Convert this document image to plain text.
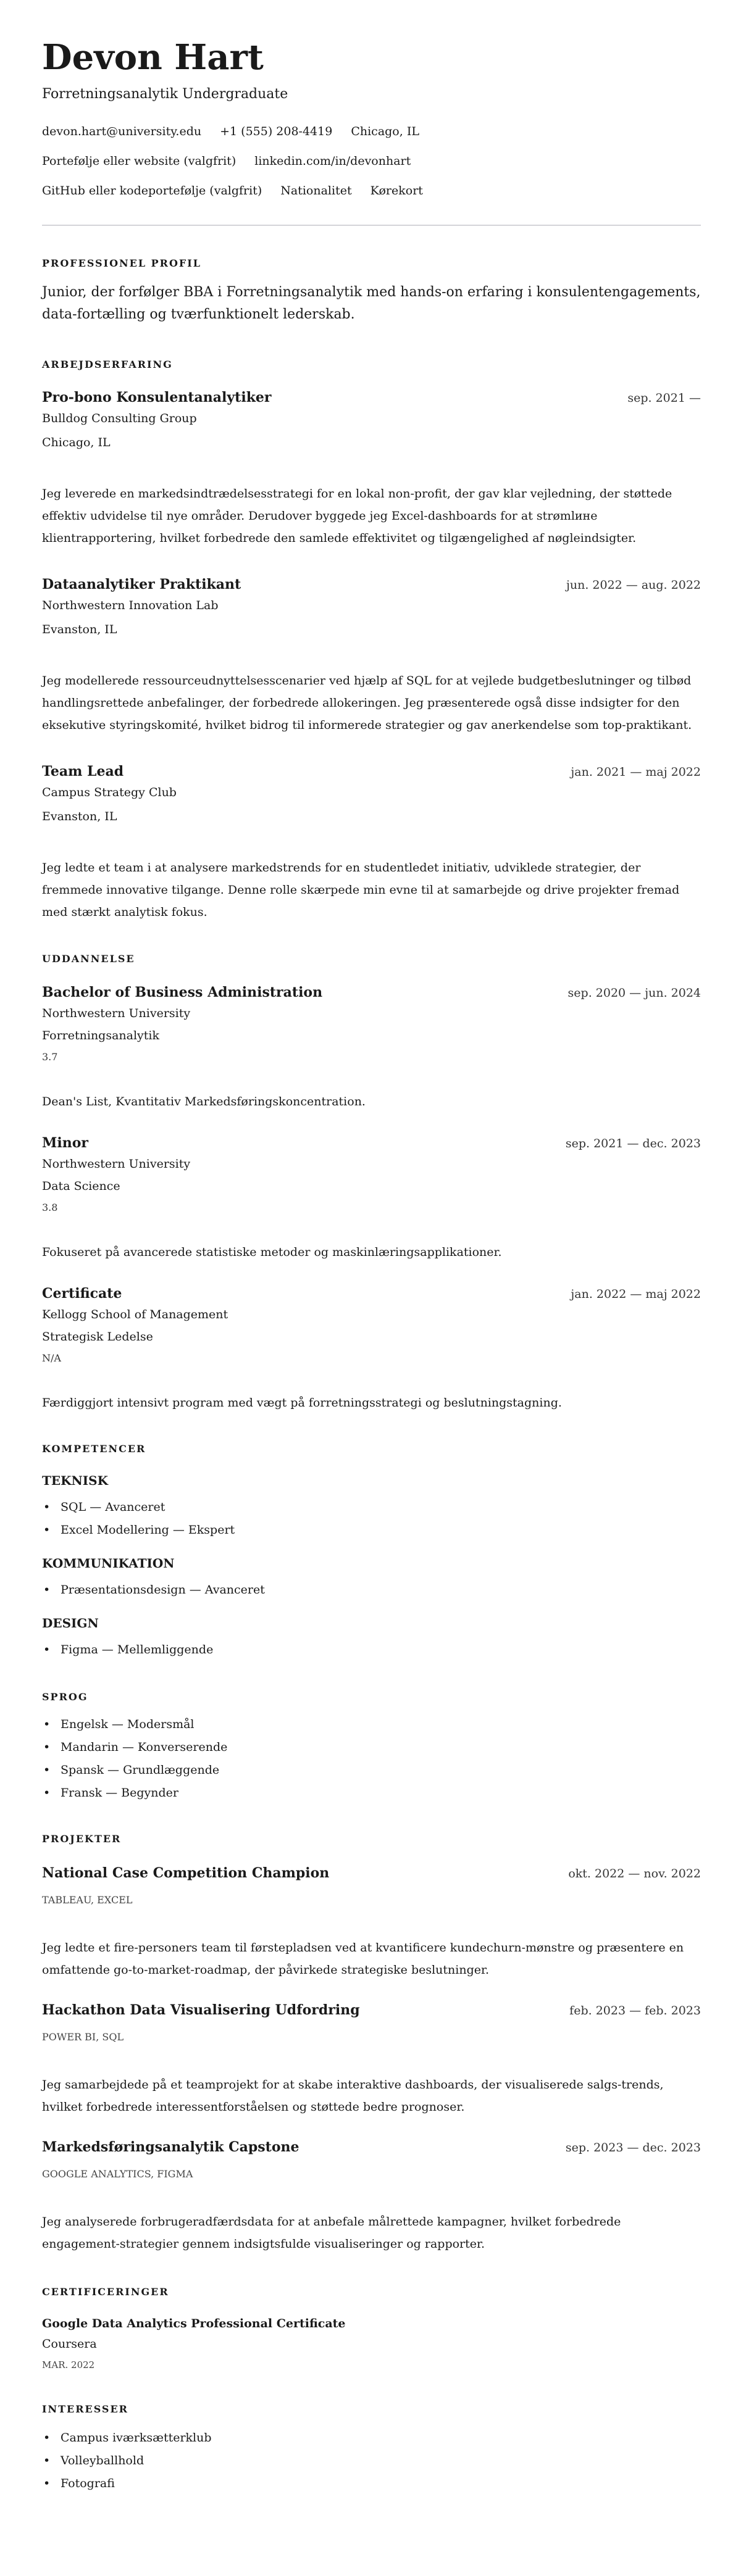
Devon Hart
Forretningsanalytik Undergraduate
devon.hart@university.edu +1 (555) 208-4419 Chicago, IL
Portefølje eller website (valgfrit) linkedin.com/in/devonhart
GitHub eller kodeportefølje (valgfrit) Nationalitet Kørekort
PROFESSIONEL PROFIL
Junior, der forfølger BBA i Forretningsanalytik med hands-on erfaring i konsulentengagements, data-fortælling og tværfunktionelt lederskab.
ARBEJDSERFARING
Pro-bono Konsulentanalytiker	sep. 2021 —
Bulldog Consulting Group
Chicago, IL
Jeg leverede en markedsindtrædelsesstrategi for en lokal non-profit, der gav klar vejledning, der støttede effektiv udvidelse til nye områder. Derudover byggede jeg Excel-dashboards for at strømlинe klientrapportering, hvilket forbedrede den samlede effektivitet og tilgængelighed af nøgleindsigter.
Dataanalytiker Praktikant	jun. 2022 — aug. 2022
Northwestern Innovation Lab
Evanston, IL
Jeg modellerede ressourceudnyttelsesscenarier ved hjælp af SQL for at vejlede budgetbeslutninger og tilbød handlingsrettede anbefalinger, der forbedrede allokeringen. Jeg præsenterede også disse indsigter for den eksekutive styringskomité, hvilket bidrog til informerede strategier og gav anerkendelse som top-praktikant.
Team Lead	jan. 2021 — maj 2022
Campus Strategy Club
Evanston, IL
Jeg ledte et team i at analysere markedstrends for en studentledet initiativ, udviklede strategier, der fremmede innovative tilgange. Denne rolle skærpede min evne til at samarbejde og drive projekter fremad med stærkt analytisk fokus.
UDDANNELSE
Bachelor of Business Administration	sep. 2020 — jun. 2024
Northwestern University
Forretningsanalytik
3.7
Dean's List, Kvantitativ Markedsføringskoncentration.
Minor	sep. 2021 — dec. 2023
Northwestern University
Data Science
3.8
Fokuseret på avancerede statistiske metoder og maskinlæringsapplikationer.
Certificate	jan. 2022 — maj 2022
Kellogg School of Management
Strategisk Ledelse
N/A
Færdiggjort intensivt program med vægt på forretningsstrategi og beslutningstagning.
KOMPETENCER
TEKNISK
• SQL — Avanceret
• Excel Modellering — Ekspert
KOMMUNIKATION
• Præsentationsdesign — Avanceret
DESIGN
• Figma — Mellemliggende
SPROG
• Engelsk — Modersmål
• Mandarin — Konverserende
• Spansk — Grundlæggende
• Fransk — Begynder
PROJEKTER
National Case Competition Champion	okt. 2022 — nov. 2022
TABLEAU, EXCEL
Jeg ledte et fire-personers team til førstepladsen ved at kvantificere kundechurn-mønstre og præsentere en omfattende go-to-market-roadmap, der påvirkede strategiske beslutninger.
Hackathon Data Visualisering Udfordring	feb. 2023 — feb. 2023
POWER BI, SQL
Jeg samarbejdede på et teamprojekt for at skabe interaktive dashboards, der visualiserede salgs-trends, hvilket forbedrede interessentforståelsen og støttede bedre prognoser.
Markedsføringsanalytik Capstone	sep. 2023 — dec. 2023
GOOGLE ANALYTICS, FIGMA
Jeg analyserede forbrugeradfærdsdata for at anbefale målrettede kampagner, hvilket forbedrede engagement-strategier gennem indsigtsfulde visualiseringer og rapporter.
CERTIFICERINGER
Google Data Analytics Professional Certificate
Coursera
MAR. 2022
INTERESSER
• Campus iværksætterklub
• Volleyballhold
• Fotografi
